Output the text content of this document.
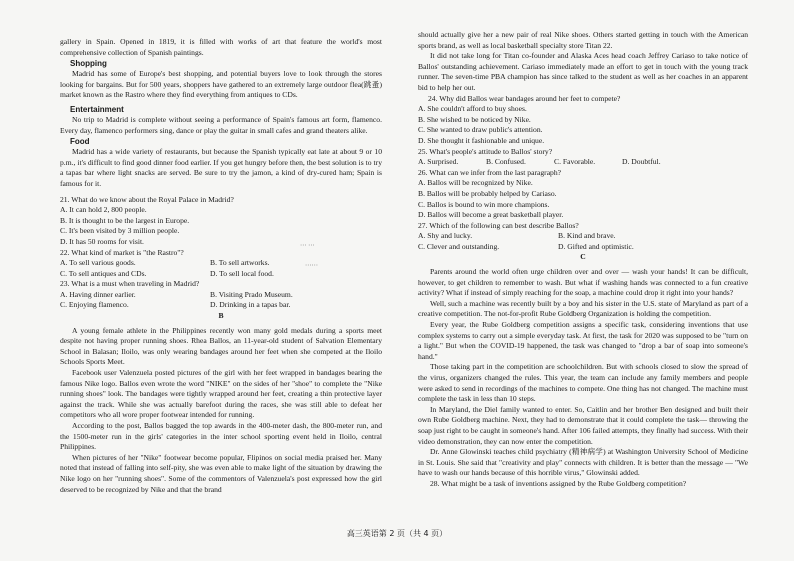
gallery in Spain. Opened in 1819, it is filled with works of art that feature the world's most comprehensive collection of Spanish paintings.

Shopping

Madrid has some of Europe's best shopping, and potential buyers love to look through the stores looking for bargains. But for 500 years, shoppers have gathered to an extremely large outdoor flea(跳蚤) market known as the Rastro where they find everything from antiques to CDs.

Entertainment

No trip to Madrid is complete without seeing a performance of Spain's famous art form, flamenco. Every day, flamenco performers sing, dance or play the guitar in small cafes and grand theaters alike.

Food

Madrid has a wide variety of restaurants, but because the Spanish typically eat late at about 9 or 10 p.m., it's difficult to find good dinner food earlier. If you get hungry before then, the best solution is to try a tapas bar where light snacks are served. Be sure to try the jamon, a kind of dry-cured ham; Spain is famous for it.

21. What do we know about the Royal Palace in Madrid?

A. It can hold 2, 800 people.

B. It is thought to be the largest in Europe.

C. It's been visited by 3 million people.

D. It has 50 rooms for visit.

22. What kind of market is "the Rastro"?

A. To sell various goods.	B. To sell artworks.
C. To sell antiques and CDs.	D. To sell local food.

23. What is a must when traveling in Madrid?

A. Having dinner earlier.	B. Visiting Prado Museum.
C. Enjoying flamenco.	D. Drinking in a tapas bar.

B

A young female athlete in the Philippines recently won many gold medals during a sports meet despite not having proper running shoes. Rhea Ballos, an 11-year-old student of Salvation Elementary School in Balasan; Iloilo, was only wearing bandages around her feet when she competed at the Iloilo Schools Sports Meet.

Facebook user Valenzuela posted pictures of the girl with her feet wrapped in bandages bearing the famous Nike logo. Ballos even wrote the word "NIKE" on the sides of her "shoe" to complete the "Nike running shoes" look. The bandages were tightly wrapped around her feet, creating a thin protective layer against the track. While she was actually barefoot during the races, she was still able to defeat her competitors who all wore proper footwear intended for running.

According to the post, Ballos bagged the top awards in the 400-meter dash, the 800-meter run, and the 1500-meter run in the girls' categories in the inter school sporting event held in Iloilo, central Philippines.

When pictures of her "Nike" footwear become popular, Flipinos on social media praised her. Many noted that instead of falling into self-pity, she was even able to make light of the situation by drawing the Nike logo on her "running shoes". Some of the commentors of Valenzuela's post expressed how the girl deserved to be recognized by Nike and that the brand

⋯ ⋯
⋯⋯

should actually give her a new pair of real Nike shoes. Others started getting in touch with the American sports brand, as well as local basketball specialty store Titan 22.

It did not take long for Titan co-founder and Alaska Aces head coach Jeffrey Cariaso to take notice of Ballos' outstanding achievement. Cariaso immediately made an effort to get in touch with the young track runner. The seven-time PBA champion has since talked to the student as well as her coaches in an apparent bid to help her out.

24. Why did Ballos wear bandages around her feet to compete?

A. She couldn't afford to buy shoes.

B. She wished to be noticed by Nike.

C. She wanted to draw public's attention.

D. She thought it fashionable and unique.

25. What's people's attitude to Ballos' story?

A. Surprised.	B. Confused.	C. Favorable.	D. Doubtful.

26. What can we infer from the last paragraph?

A. Ballos will be recognized by Nike.

B. Ballos will be probably helped by Cariaso.

C. Ballos is bound to win more champions.

D. Ballos will become a great basketball player.

27. Which of the following can best describe Ballos?

A. Shy and lucky.	B. Kind and brave.
C. Clever and outstanding.	D. Gifted and optimistic.

C

Parents around the world often urge children over and over — wash your hands! It can be difficult, however, to get children to remember to wash. But what if washing hands was connected to a fun creative activity? What if instead of simply reaching for the soap, a machine could drop it right into your hands?

Well, such a machine was recently built by a boy and his sister in the U.S. state of Maryland as part of a creative competition. The not-for-profit Rube Goldberg Organization is holding the competition.

Every year, the Rube Goldberg competition assigns a specific task, considering inventions that use complex systems to carry out a simple everyday task. At first, the task for 2020 was supposed to be "turn on a light." But when the COVID-19 happened, the task was changed to "drop a bar of soap into someone's hand."

Those taking part in the competition are schoolchildren. But with schools closed to slow the spread of the virus, organizers changed the rules. This year, the team can include any family members and people were asked to send in recordings of the machines to compete. One thing has not changed. The machine must complete the task in less than 10 steps.

In Maryland, the Diel family wanted to enter. So, Caitlin and her brother Ben designed and built their own Rube Goldberg machine. Next, they had to demonstrate that it could complete the task— throwing the soap just right to be caught in someone's hand. After 106 failed attempts, they finally had success. With their video demonstration, they can now enter the competition.

Dr. Anne Glowinski teaches child psychiatry (精神病学) at Washington University School of Medicine in St. Louis. She said that "creativity and play" connects with children. It is better than the message — "We have to wash our hands because of this horrible virus," Glowinski added.

28. What might be a task of inventions assigned by the Rube Goldberg competition?

高三英语第 2 页（共 4 页）
